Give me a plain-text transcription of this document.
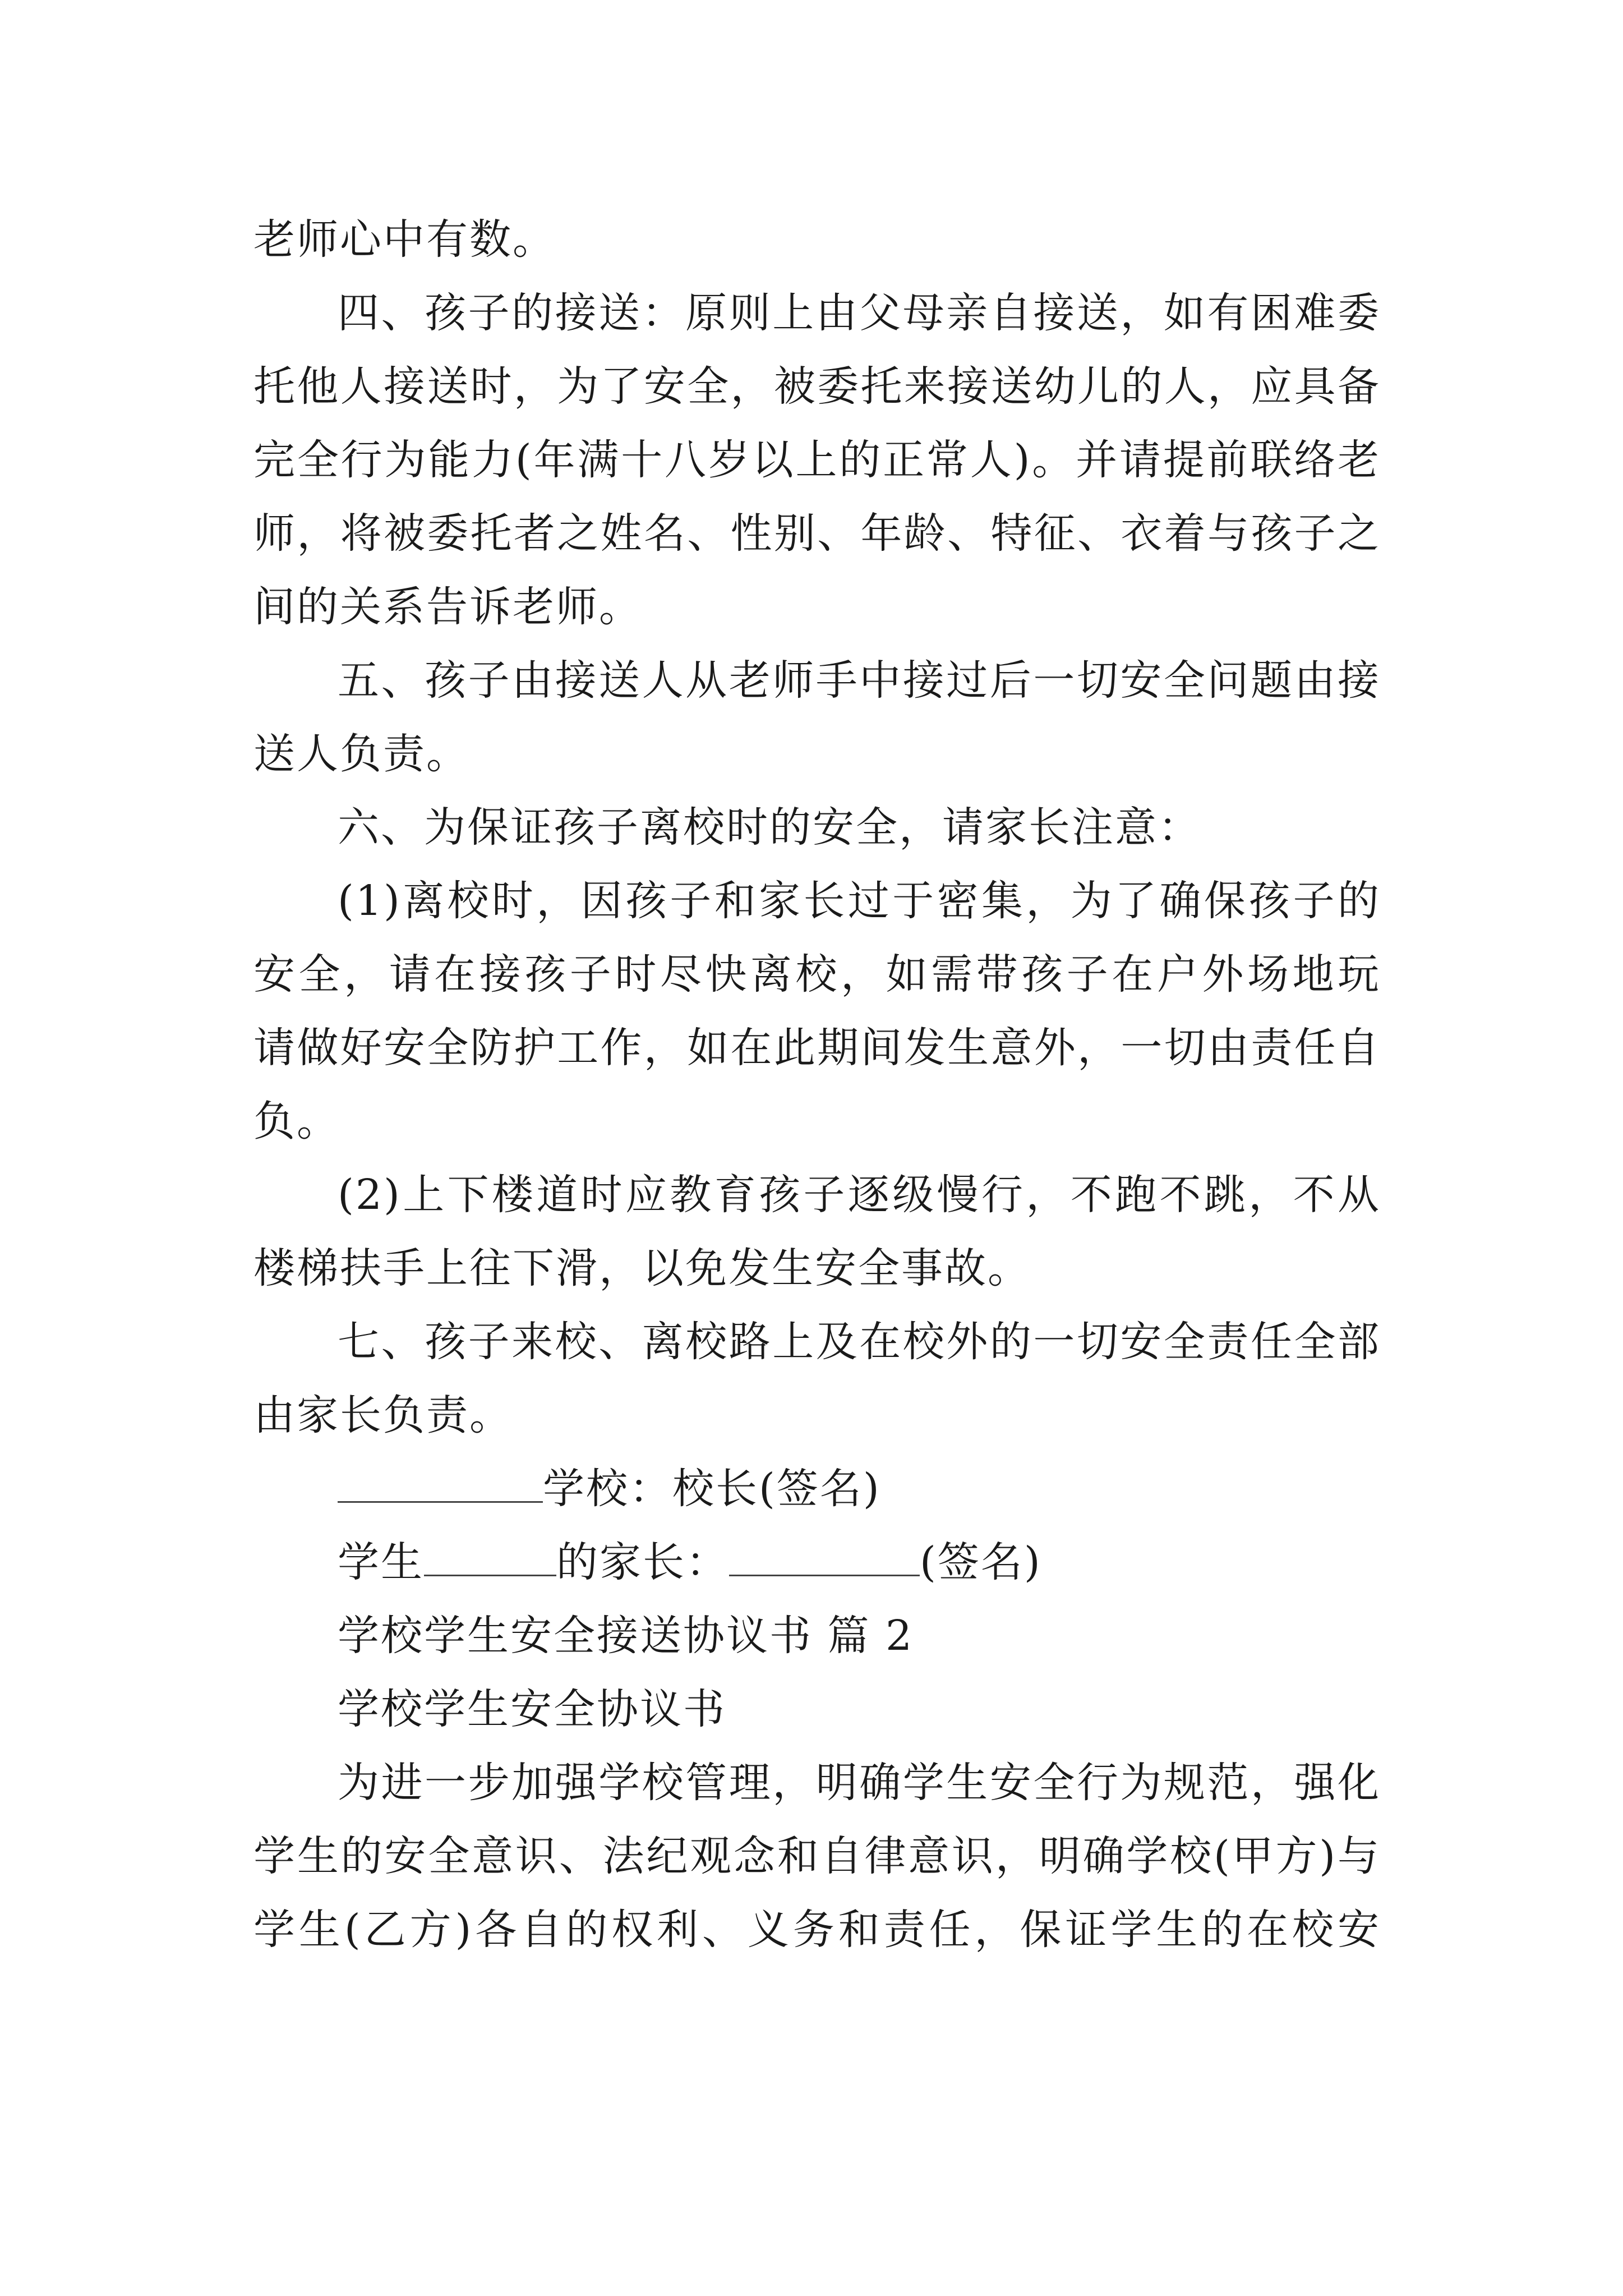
老师心中有数。
四、孩子的接送：原则上由父母亲自接送，如有困难委
托他人接送时，为了安全，被委托来接送幼儿的人，应具备
完全行为能力(年满十八岁以上的正常人)。并请提前联络老
师，将被委托者之姓名、性别、年龄、特征、衣着与孩子之
间的关系告诉老师。
五、孩子由接送人从老师手中接过后一切安全问题由接
送人负责。
六、为保证孩子离校时的安全，请家长注意：
(1)离校时，因孩子和家长过于密集，为了确保孩子的
安全，请在接孩子时尽快离校，如需带孩子在户外场地玩
请做好安全防护工作，如在此期间发生意外，一切由责任自
负。
(2)上下楼道时应教育孩子逐级慢行，不跑不跳，不从
楼梯扶手上往下滑，以免发生安全事故。
七、孩子来校、离校路上及在校外的一切安全责任全部
由家长负责。
学校：校长(签名)
学生	的家长：	(签名)
学校学生安全接送协议书 篇 2
学校学生安全协议书
为进一步加强学校管理，明确学生安全行为规范，强化
学生的安全意识、法纪观念和自律意识，明确学校(甲方)与
学生(乙方)各自的权利、义务和责任，保证学生的在校安
